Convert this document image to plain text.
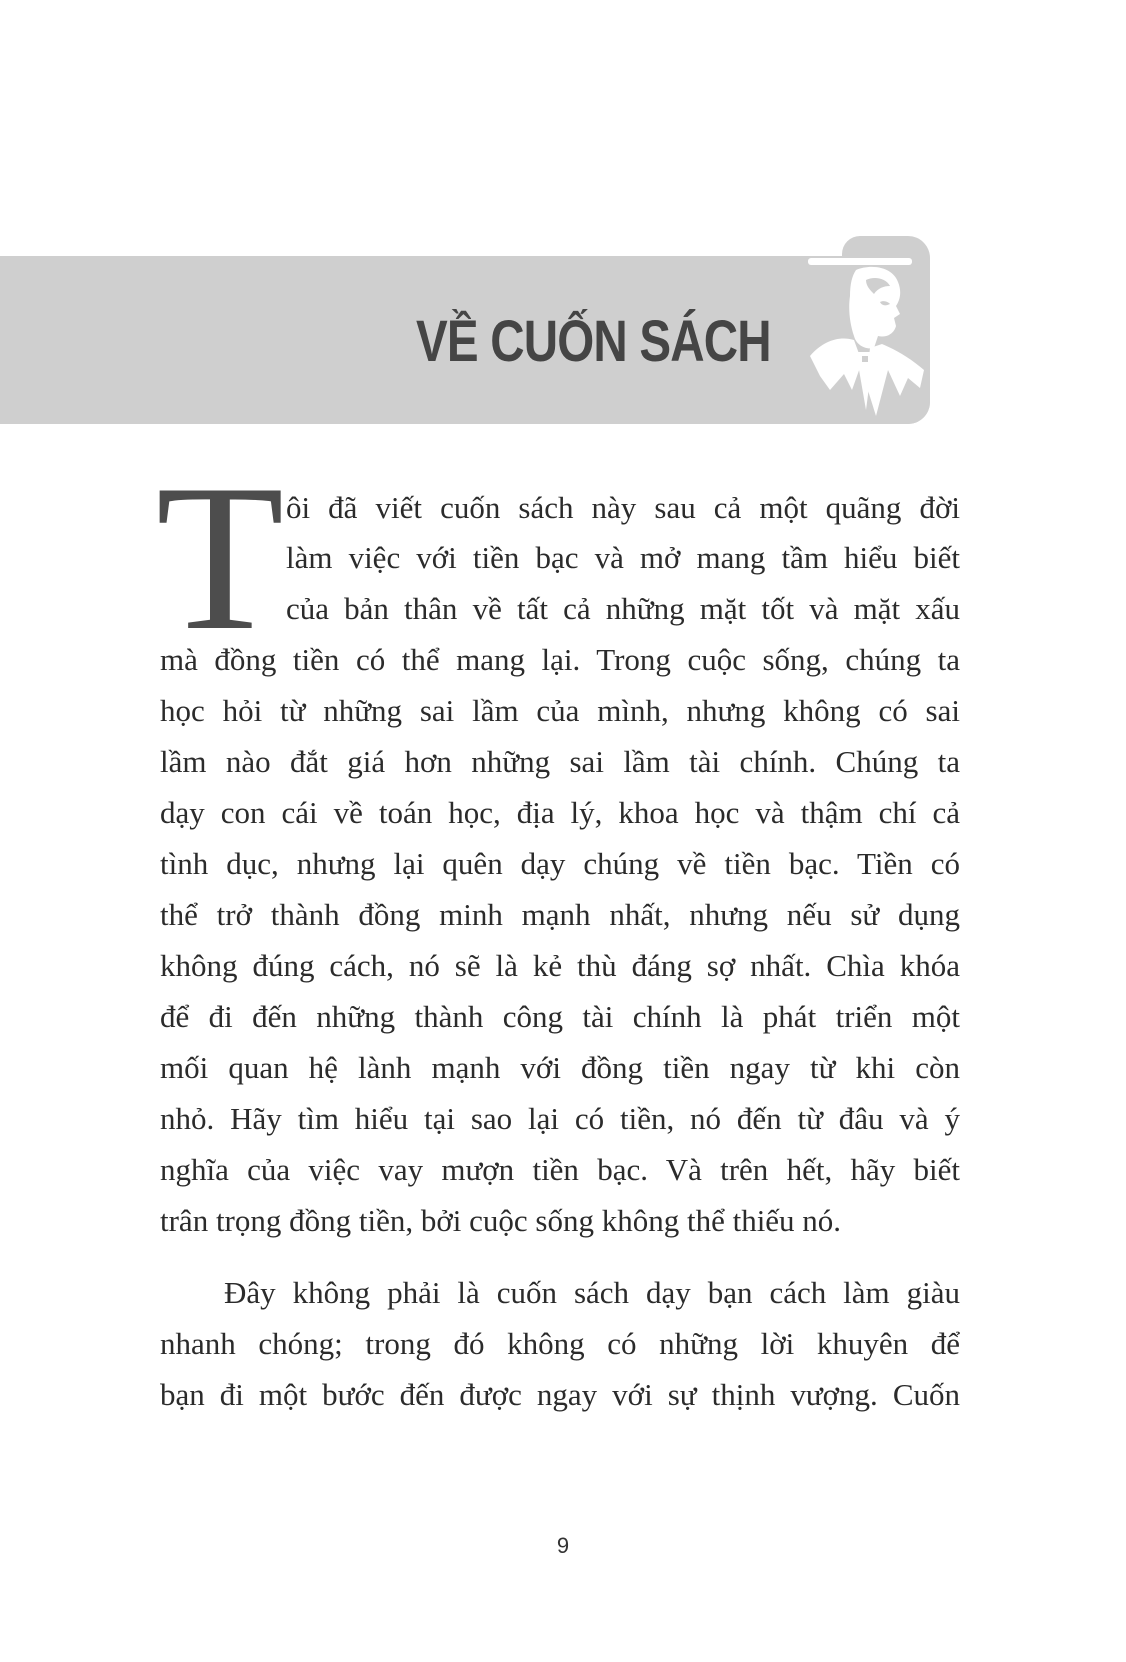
VỀ CUỐN SÁCH
T ôi đã viết cuốn sách này sau cả một quãng đời
làm việc với tiền bạc và mở mang tầm hiểu biết
của bản thân về tất cả những mặt tốt và mặt xấu
mà đồng tiền có thể mang lại. Trong cuộc sống, chúng ta
học hỏi từ những sai lầm của mình, nhưng không có sai
lầm nào đắt giá hơn những sai lầm tài chính. Chúng ta
dạy con cái về toán học, địa lý, khoa học và thậm chí cả
tình dục, nhưng lại quên dạy chúng về tiền bạc. Tiền có
thể trở thành đồng minh mạnh nhất, nhưng nếu sử dụng
không đúng cách, nó sẽ là kẻ thù đáng sợ nhất. Chìa khóa
để đi đến những thành công tài chính là phát triển một
mối quan hệ lành mạnh với đồng tiền ngay từ khi còn
nhỏ. Hãy tìm hiểu tại sao lại có tiền, nó đến từ đâu và ý
nghĩa của việc vay mượn tiền bạc. Và trên hết, hãy biết
trân trọng đồng tiền, bởi cuộc sống không thể thiếu nó.
Đây không phải là cuốn sách dạy bạn cách làm giàu
nhanh chóng; trong đó không có những lời khuyên để
bạn đi một bước đến được ngay với sự thịnh vượng. Cuốn
9
